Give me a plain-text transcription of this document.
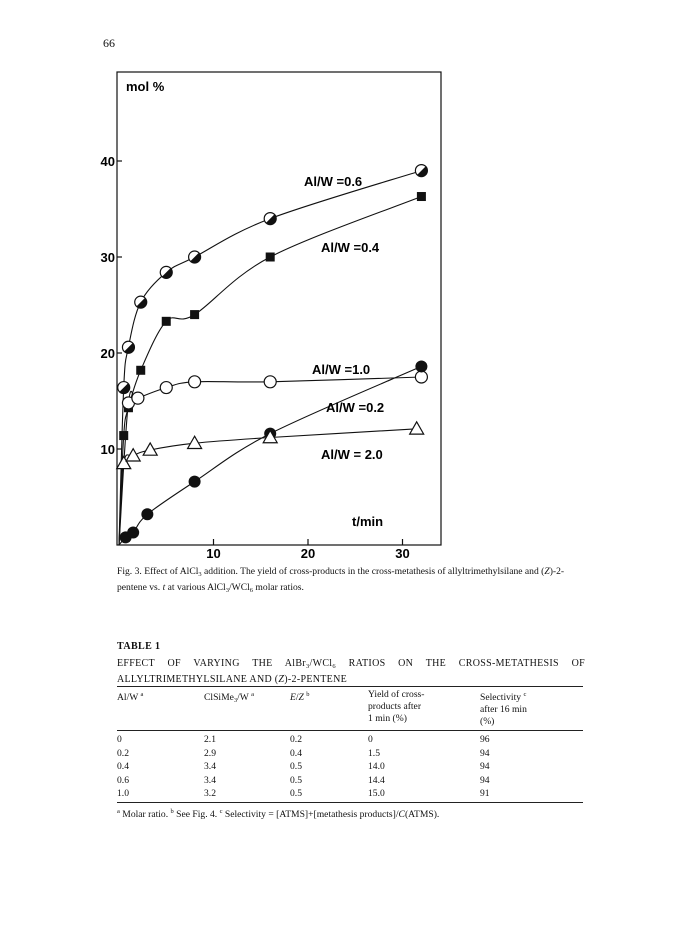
66
10
20
30
40
10	20	30
mol %
t/min
Al/W =0.6
Al/W =0.4
Al/W =1.0
Al/W =0.2
Al/W = 2.0
Fig. 3. Effect of AlCl$_3$ addition. The yield of cross-products in the cross-metathesis of allyltrimethylsilane and (Z)-2-pentene vs. t at various AlCl$_3$/WCl$_6$ molar ratios.
TABLE 1
EFFECT OF VARYING THE AlBr$_3$/WCl$_6$ RATIOS ON THE CROSS-METATHESIS OF ALLYLTRIMETHYLSILANE AND (Z)-2-PENTENE
Al/W $^a$	ClSiMe$_3$/W $^a$	E/Z $^b$	Yield of cross-
products after
1 min (%)
Selectivity $^c$
after 16 min
(%)
0	2.1	0.2	0	96
0.2	2.9	0.4	1.5	94
0.4	3.4	0.5	14.0	94
0.6	3.4	0.5	14.4	94
1.0	3.2	0.5	15.0	91
$^a$ Molar ratio. $^b$ See Fig. 4. $^c$ Selectivity = [ATMS]+[metathesis products]/C(ATMS).
